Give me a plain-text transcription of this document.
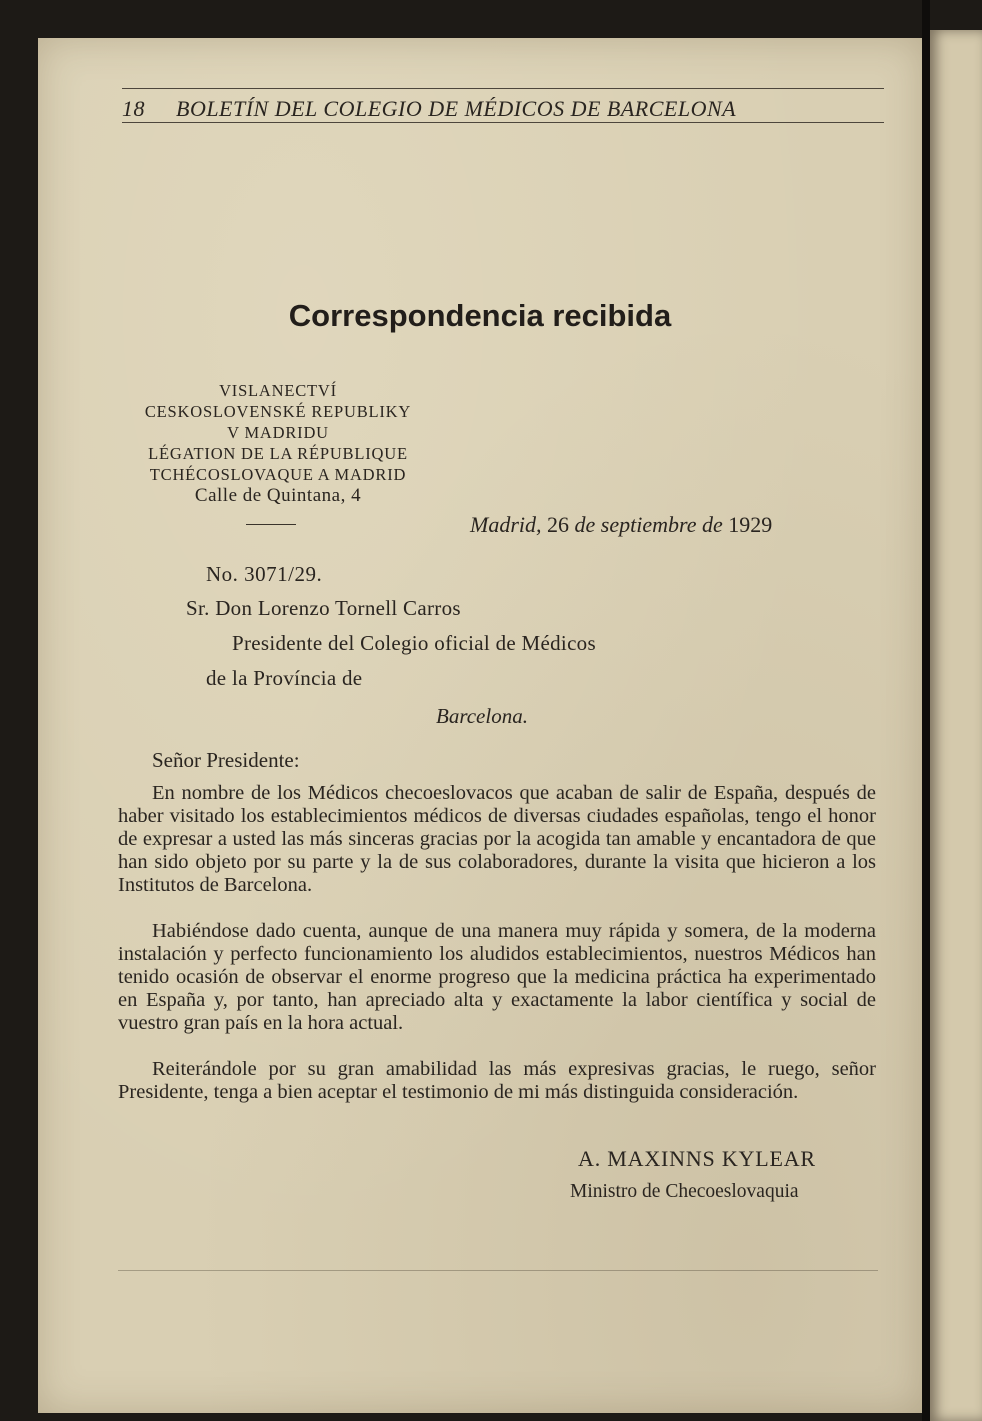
18 BOLETÍN DEL COLEGIO DE MÉDICOS DE BARCELONA
Correspondencia recibida
VISLANECTVÍ
CESKOSLOVENSKÉ REPUBLIKY
V MADRIDU
LÉGATION DE LA RÉPUBLIQUE
TCHÉCOSLOVAQUE A MADRID
Calle de Quintana, 4
Madrid, 26 de septiembre de 1929
No. 3071/29.
Sr. Don Lorenzo Tornell Carros
Presidente del Colegio oficial de Médicos
de la Província de
Barcelona.
Señor Presidente:
En nombre de los Médicos checoeslovacos que acaban de salir de España, después de haber visitado los establecimientos médicos de diversas ciudades españolas, tengo el honor de expresar a usted las más sinceras gracias por la acogida tan amable y encantadora de que han sido objeto por su parte y la de sus colaboradores, durante la visita que hicieron a los Institutos de Barcelona.
Habiéndose dado cuenta, aunque de una manera muy rápida y somera, de la moderna instalación y perfecto funcionamiento los aludidos establecimientos, nuestros Médicos han tenido ocasión de observar el enorme progreso que la medicina práctica ha experimentado en España y, por tanto, han apreciado alta y exactamente la labor científica y social de vuestro gran país en la hora actual.
Reiterándole por su gran amabilidad las más expresivas gracias, le ruego, señor Presidente, tenga a bien aceptar el testimonio de mi más distinguida consideración.
A. MAXINNS KYLEAR
Ministro de Checoeslovaquia
